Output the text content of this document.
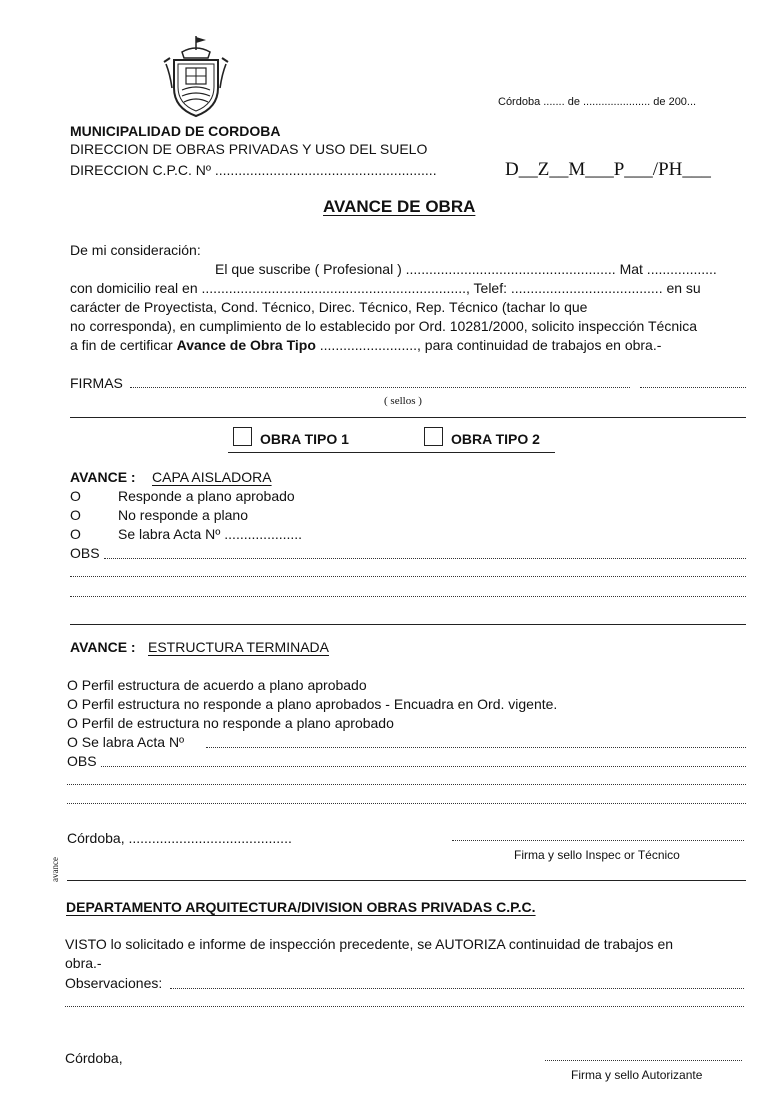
Córdoba ....... de ...................... de 200...
MUNICIPALIDAD DE CORDOBA
DIRECCION DE OBRAS PRIVADAS Y USO DEL SUELO
DIRECCION C.P.C. Nº .........................................................	D__Z__M___P___/PH___
AVANCE DE OBRA
De mi consideración:
El que suscribe ( Profesional ) ...................................................... Mat ..................
con domicilio real en ...................................................................., Telef: ....................................... en su
carácter de Proyectista, Cond. Técnico, Direc. Técnico, Rep. Técnico (tachar lo que
no corresponda), en cumplimiento de lo establecido por Ord. 10281/2000, solicito inspección Técnica
a fin de certificar Avance de Obra Tipo ........................., para continuidad de trabajos en obra.-
FIRMAS
( sellos )
OBRA TIPO 1	OBRA TIPO 2
AVANCE : CAPA AISLADORA
O	Responde a plano aprobado
O	No responde a plano
O	Se labra Acta Nº ....................
OBS
AVANCE : ESTRUCTURA TERMINADA
O Perfil estructura de acuerdo a plano aprobado
O Perfil estructura no responde a plano aprobados - Encuadra en Ord. vigente.
O Perfil de estructura no responde a plano aprobado
O Se labra Acta Nº
OBS
Córdoba, ..........................................
Firma y sello Inspec or Técnico
avance
DEPARTAMENTO ARQUITECTURA/DIVISION OBRAS PRIVADAS C.P.C.
VISTO lo solicitado e informe de inspección precedente, se AUTORIZA continuidad de trabajos en
obra.-
Observaciones:
Córdoba,
Firma y sello Autorizante
